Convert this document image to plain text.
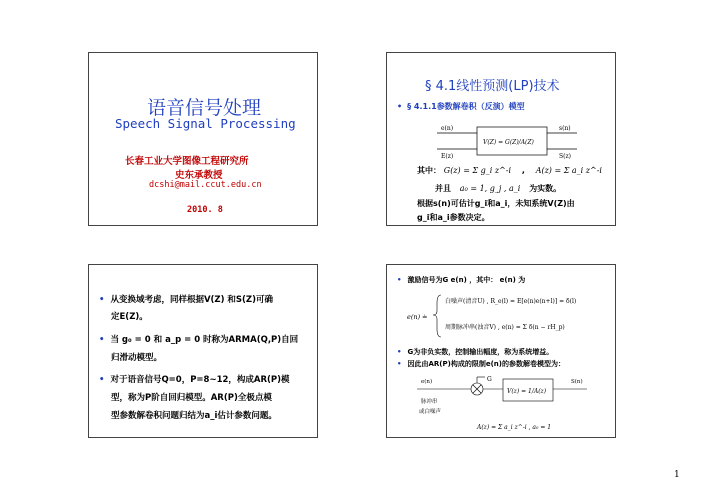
语音信号处理
Speech Signal Processing
长春工业大学图像工程研究所
史东承教授
dcshi@mail.ccut.edu.cn
2010. 8
§ 4.1线性预测(LP)技术
• § 4.1.1参数解卷积（反演）模型
e(n)
E(z)
s(n)
S(z)
V(Z) = G(Z)/A(Z)
其中： G(z) = Σ g_i z^-i , A(z) = Σ a_i z^-i
并且 a₀ = 1, g_j , a_i 为实数。
根据s(n)可估计g_i和a_i，未知系统V(Z)由
g_i和a_i参数决定。
• 从变换域考虑，同样根据V(Z) 和S(Z)可确
定E(Z)。
• 当 g₀ = 0 和 a_p = 0 时称为ARMA(Q,P)自回
归滑动模型。
• 对于语音信号Q=0，P=8~12，构成AR(P)模
型，称为P阶自回归模型。AR(P)全极点模
型参数解卷积问题归结为a_i估计参数问题。
• 激励信号为G e(n) ，其中： e(n) 为
e(n) ≐
白噪声(清音U) , R_e(l) = E[e(n)e(n+l)] = δ(l)
周期脉冲串(浊音V) , e(n) = Σ δ(n − rH_p)
• G为非负实数，控制输出幅度，称为系统增益。
• 因此由AR(P)构成的限制e(n)的参数解卷模型为：
e(n)	G
V(z) = 1/A(z)
S(n)
脉冲串
或白噪声
A(z) = Σ a_i z^-i , a₀ = 1
1
